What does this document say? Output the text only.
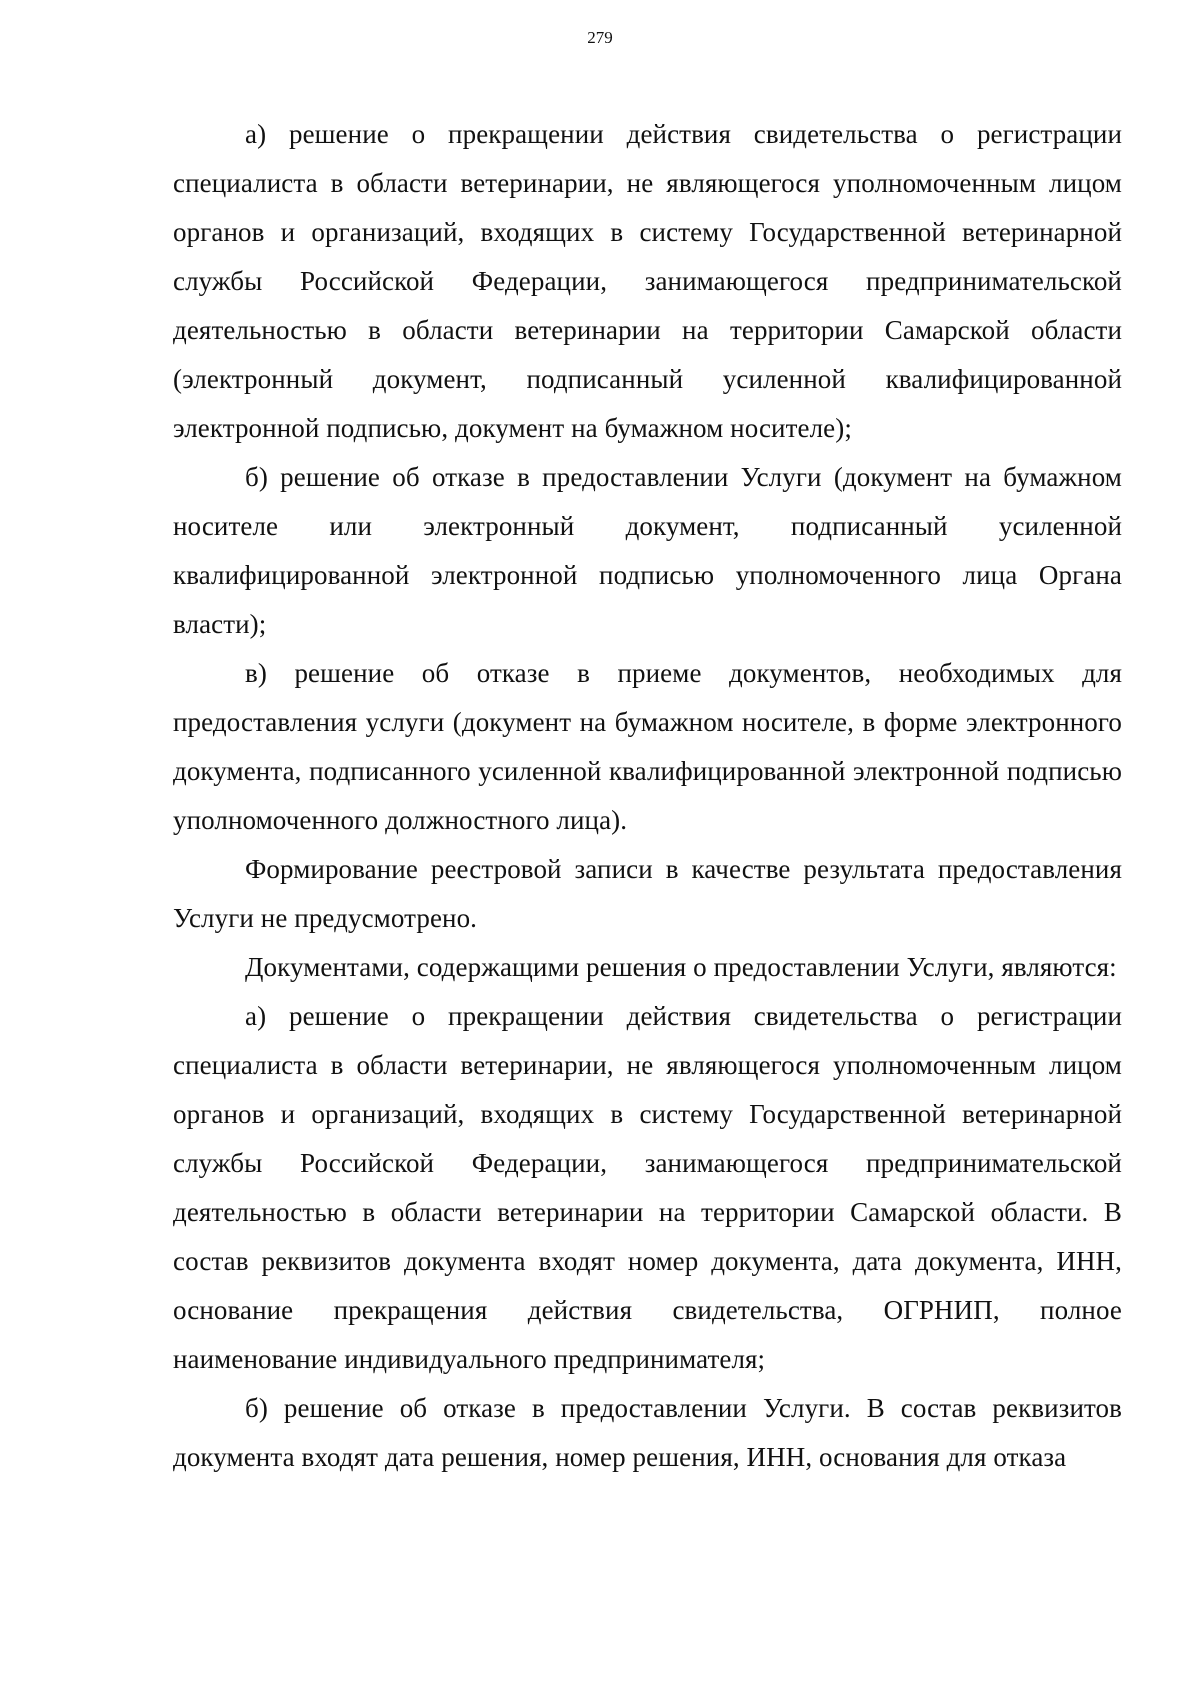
279

а) решение о прекращении действия свидетельства о регистрации специалиста в области ветеринарии, не являющегося уполномоченным лицом органов и организаций, входящих в систему Государственной ветеринарной службы Российской Федерации, занимающегося предпринимательской деятельностью в области ветеринарии на территории Самарской области (электронный документ, подписанный усиленной квалифицированной электронной подписью, документ на бумажном носителе);

б) решение об отказе в предоставлении Услуги (документ на бумажном носителе или электронный документ, подписанный усиленной квалифицированной электронной подписью уполномоченного лица Органа власти);

в) решение об отказе в приеме документов, необходимых для предоставления услуги (документ на бумажном носителе, в форме электронного документа, подписанного усиленной квалифицированной электронной подписью уполномоченного должностного лица).

Формирование реестровой записи в качестве результата предоставления Услуги не предусмотрено.

Документами, содержащими решения о предоставлении Услуги, являются:

а) решение о прекращении действия свидетельства о регистрации специалиста в области ветеринарии, не являющегося уполномоченным лицом органов и организаций, входящих в систему Государственной ветеринарной службы Российской Федерации, занимающегося предпринимательской деятельностью в области ветеринарии на территории Самарской области. В состав реквизитов документа входят номер документа, дата документа, ИНН, основание прекращения действия свидетельства, ОГРНИП, полное наименование индивидуального предпринимателя;

б) решение об отказе в предоставлении Услуги. В состав реквизитов документа входят дата решения, номер решения, ИНН, основания для отказа
